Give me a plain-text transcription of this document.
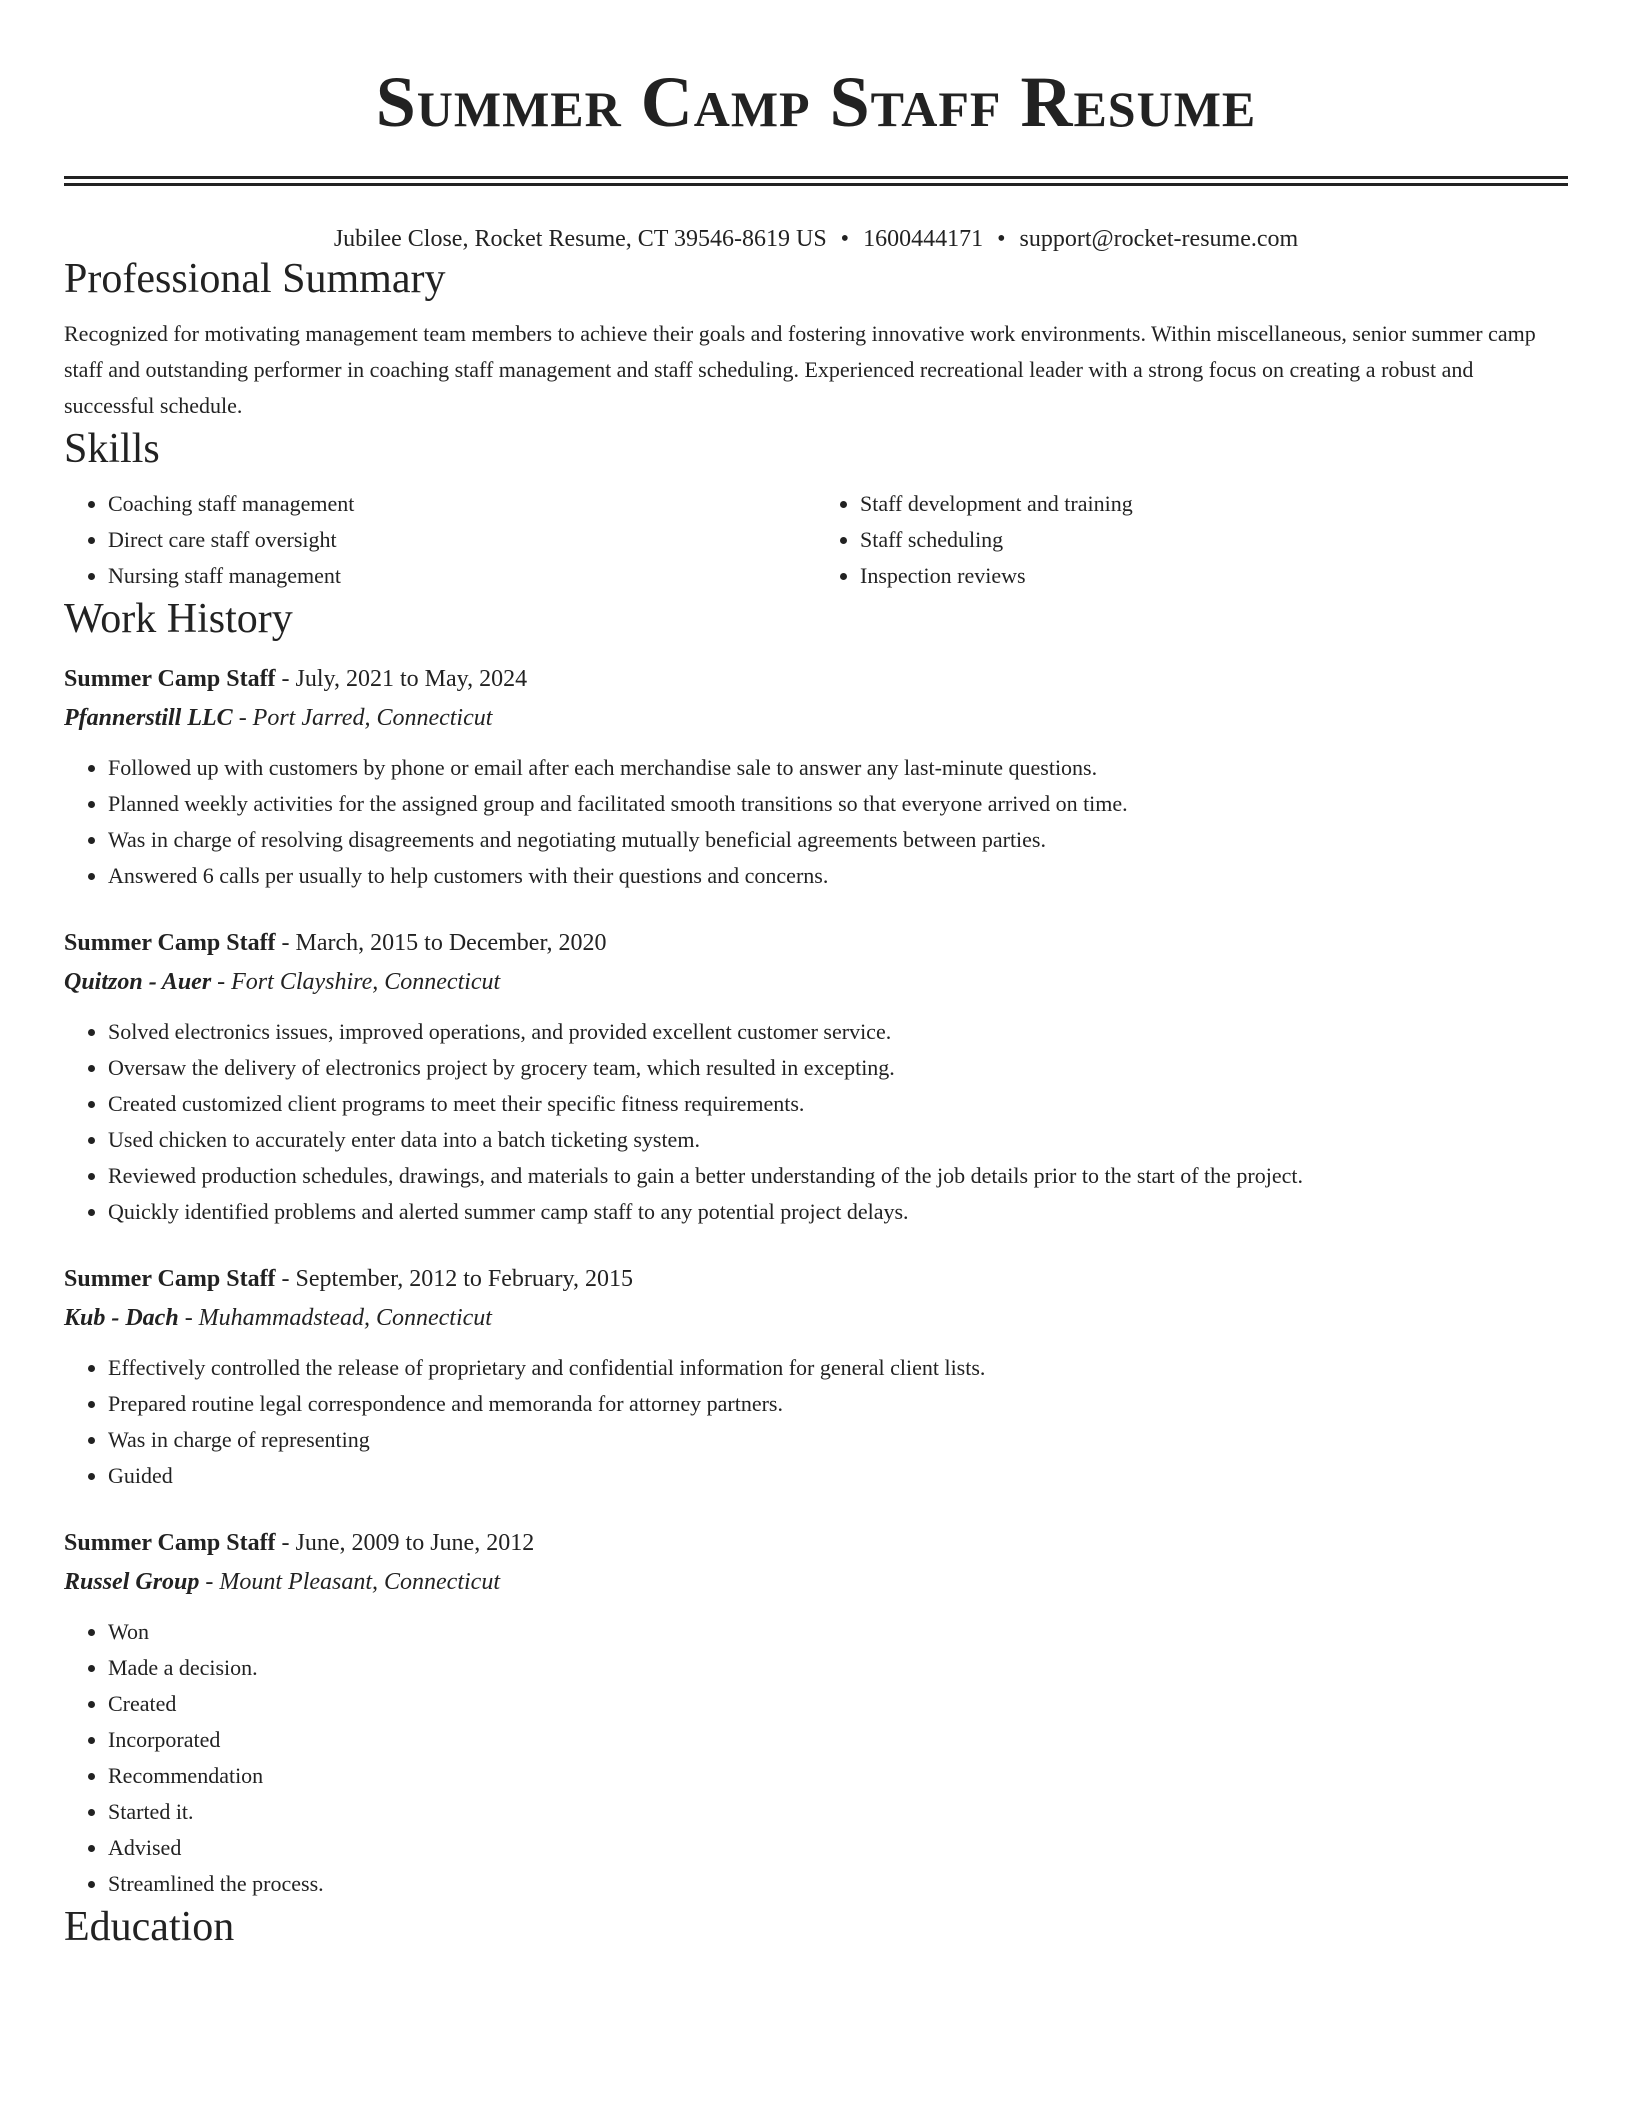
Summer Camp Staff Resume
Jubilee Close, Rocket Resume, CT 39546-8619 US • 1600444171 • support@rocket-resume.com
Professional Summary

Recognized for motivating management team members to achieve their goals and fostering innovative work environments. Within miscellaneous, senior summer camp staff and outstanding performer in coaching staff management and staff scheduling. Experienced recreational leader with a strong focus on creating a robust and successful schedule.

Skills
• Coaching staff management
• Direct care staff oversight
• Nursing staff management
• Staff development and training
• Staff scheduling
• Inspection reviews
Work History
Summer Camp Staff - July, 2021 to May, 2024
Pfannerstill LLC - Port Jarred, Connecticut
• Followed up with customers by phone or email after each merchandise sale to answer any last-minute questions.
• Planned weekly activities for the assigned group and facilitated smooth transitions so that everyone arrived on time.
• Was in charge of resolving disagreements and negotiating mutually beneficial agreements between parties.
• Answered 6 calls per usually to help customers with their questions and concerns.
Summer Camp Staff - March, 2015 to December, 2020
Quitzon - Auer - Fort Clayshire, Connecticut
• Solved electronics issues, improved operations, and provided excellent customer service.
• Oversaw the delivery of electronics project by grocery team, which resulted in excepting.
• Created customized client programs to meet their specific fitness requirements.
• Used chicken to accurately enter data into a batch ticketing system.
• Reviewed production schedules, drawings, and materials to gain a better understanding of the job details prior to the start of the project.
• Quickly identified problems and alerted summer camp staff to any potential project delays.
Summer Camp Staff - September, 2012 to February, 2015
Kub - Dach - Muhammadstead, Connecticut
• Effectively controlled the release of proprietary and confidential information for general client lists.
• Prepared routine legal correspondence and memoranda for attorney partners.
• Was in charge of representing
• Guided
Summer Camp Staff - June, 2009 to June, 2012
Russel Group - Mount Pleasant, Connecticut
• Won
• Made a decision.
• Created
• Incorporated
• Recommendation
• Started it.
• Advised
• Streamlined the process.
Education
